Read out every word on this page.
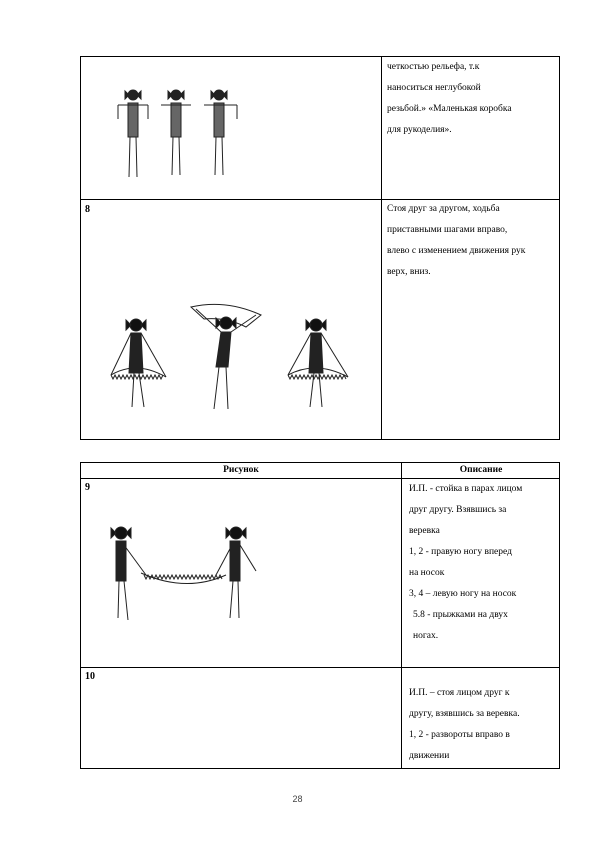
четкостью рельефа, т.к
наноситься неглубокой
резьбой.» «Маленькая коробка
для рукоделия».
8	Стоя друг за другом, ходьба
приставными шагами вправо,
влево с изменением движения рук
верх, вниз.
Рисунок	Описание
9	И.П. - стойка в парах лицом
друг другу. Взявшись за
веревка
1, 2 - правую ногу вперед
на носок
3, 4 – левую ногу на носок
5.8 - прыжками на двух
ногах.
10
И.П. – стоя лицом друг к
другу, взявшись за веревка.
1, 2 - развороты вправо в
движении
28
